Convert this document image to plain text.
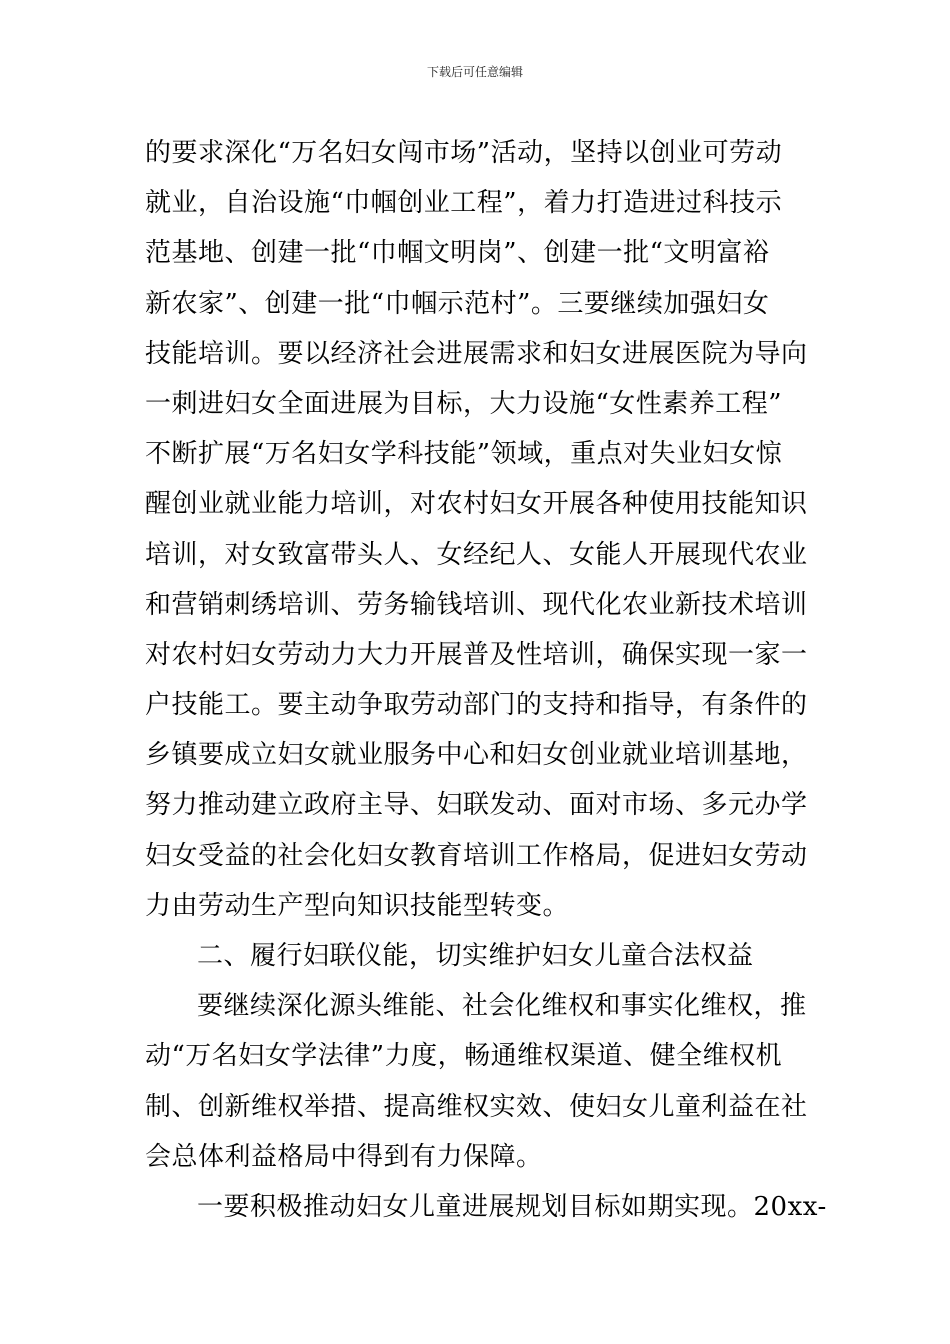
下载后可任意编辑
的要求深化“万名妇女闯市场”活动，坚持以创业可劳动
就业，自治设施“巾帼创业工程”，着力打造进过科技示
范基地、创建一批“巾帼文明岗”、创建一批“文明富裕
新农家”、创建一批“巾帼示范村”。三要继续加强妇女
技能培训。要以经济社会进展需求和妇女进展医院为导向
一刺进妇女全面进展为目标，大力设施“女性素养工程”
不断扩展“万名妇女学科技能”领域，重点对失业妇女惊
醒创业就业能力培训，对农村妇女开展各种使用技能知识
培训，对女致富带头人、女经纪人、女能人开展现代农业
和营销刺绣培训、劳务输钱培训、现代化农业新技术培训
对农村妇女劳动力大力开展普及性培训，确保实现一家一
户技能工。要主动争取劳动部门的支持和指导，有条件的
乡镇要成立妇女就业服务中心和妇女创业就业培训基地，
努力推动建立政府主导、妇联发动、面对市场、多元办学
妇女受益的社会化妇女教育培训工作格局，促进妇女劳动
力由劳动生产型向知识技能型转变。
二、履行妇联仪能，切实维护妇女儿童合法权益
要继续深化源头维能、社会化维权和事实化维权，推
动“万名妇女学法律”力度，畅通维权渠道、健全维权机
制、创新维权举措、提高维权实效、使妇女儿童利益在社
会总体利益格局中得到有力保障。
一要积极推动妇女儿童进展规划目标如期实现。20xx-
